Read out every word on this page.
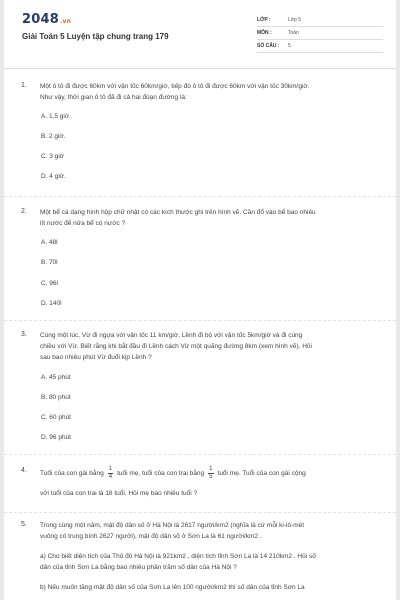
2048.vn
Giải Toán 5 Luyện tập chung trang 179
LỚP :	Lớp 5
MÔN :	Toán
SỐ CÂU :	5
1. Một ô tô đi được 60km với vận tốc 60km/giờ, tiếp đó ô tô đi được 60km với vận tốc 30km/giờ.
Như vậy, thời gian ô tô đã đi cả hai đoạn đường là:
A. 1,5 giờ.
B. 2 giờ.
C. 3 giờ
D. 4 giờ.
2. Một bể cá dạng hình hộp chữ nhật có các kích thước ghi trên hình vẽ. Cần đổ vào bể bao nhiêu
lít nước để nửa bể có nước ?
A. 48l
B. 70l
C. 96l
D. 140l
3. Cùng một lúc, Vừ đi ngựa với vận tốc 11 km/giờ, Lềnh đi bộ với vận tốc 5km/giờ và đi cùng
chiều với Vừ. Biết rằng khi bắt đầu đi Lềnh cách Vừ một quãng đường 8km (xem hình vẽ). Hỏi
sau bao nhiêu phút Vừ đuổi kịp Lềnh ?
A. 45 phút
B. 80 phút
C. 60 phút
D. 96 phút
4. Tuổi của con gái bằng $\frac{1}{4}$ tuổi mẹ, tuổi của con trai bằng $\frac{1}{5}$ tuổi mẹ. Tuổi của con gái cộng
với tuổi của con trai là 18 tuổi. Hỏi mẹ bao nhiêu tuổi ?
5. Trong cùng một năm, mật độ dân số ở Hà Nội là 2617 người/km2 (nghĩa là cứ mỗi ki-lô-mét
vuông có trung bình 2627 người), mật độ dân số ở Sơn La là 61 người/km2 .
a) Cho biết diện tích của Thủ đô Hà Nội là 921km2 , diện tích tỉnh Sơn La là 14 210km2 . Hỏi số
dân của tỉnh Sơn La bằng bao nhiêu phần trăm số dân của Hà Nội ?
b) Nếu muốn tăng mật độ dân số của Sơn La lên 100 người/km2 thì số dân của tỉnh Sơn La
